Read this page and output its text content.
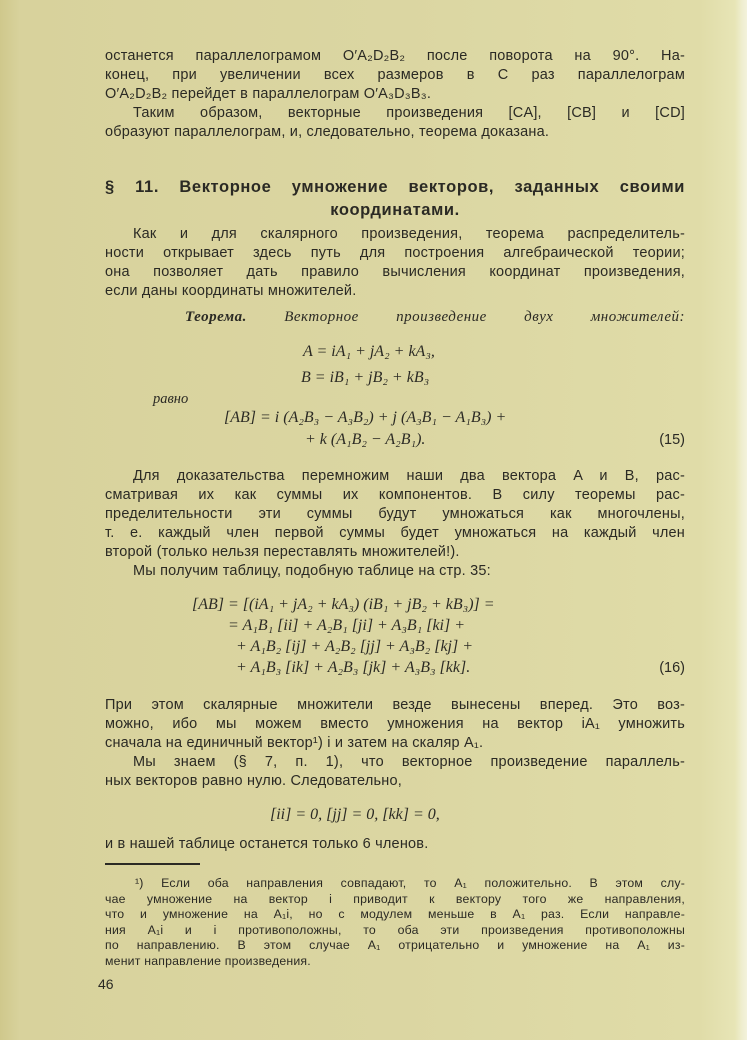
останется параллелограмом O′A₂D₂B₂ после поворота на 90°. На-
конец, при увеличении всех размеров в C раз параллелограм
O′A₂D₂B₂ перейдет в параллелограм O′A₃D₃B₃.
Таким образом, векторные произведения [CA], [CB] и [CD]
образуют параллелограм, и, следовательно, теорема доказана.
§ 11. Векторное умножение векторов, заданных своими
координатами.
Как и для скалярного произведения, теорема распределитель-
ности открывает здесь путь для построения алгебраической теории;
она позволяет дать правило вычисления координат произведения,
если даны координаты множителей.
Теорема. Векторное произведение двух множителей:
A = iA₁ + jA₂ + kA₃,
B = iB₁ + jB₂ + kB₃
равно
[AB] = i (A₂B₃ − A₃B₂) + j (A₃B₁ − A₁B₃) +
+ k (A₁B₂ − A₂B₁).	(15)
Для доказательства перемножим наши два вектора A и B, рас-
сматривая их как суммы их компонентов. В силу теоремы рас-
пределительности эти суммы будут умножаться как многочлены,
т. е. каждый член первой суммы будет умножаться на каждый член
второй (только нельзя переставлять множителей!).
Мы получим таблицу, подобную таблице на стр. 35:
[AB] = [(iA₁ + jA₂ + kA₃) (iB₁ + jB₂ + kB₃)] =
= A₁B₁ [ii] + A₂B₁ [ji] + A₃B₁ [ki] +
+ A₁B₂ [ij] + A₂B₂ [jj] + A₃B₂ [kj] +
+ A₁B₃ [ik] + A₂B₃ [jk] + A₃B₃ [kk].	(16)
При этом скалярные множители везде вынесены вперед. Это воз-
можно, ибо мы можем вместо умножения на вектор iA₁ умножить
сначала на единичный вектор¹) i и затем на скаляр A₁.
Мы знаем (§ 7, п. 1), что векторное произведение параллель-
ных векторов равно нулю. Следовательно,
[ii] = 0, [jj] = 0, [kk] = 0,
и в нашей таблице останется только 6 членов.
¹) Если оба направления совпадают, то A₁ положительно. В этом слу-
чае умножение на вектор i приводит к вектору того же направления,
что и умножение на A₁i, но с модулем меньше в A₁ раз. Если направле-
ния A₁i и i противоположны, то оба эти произведения противоположны
по направлению. В этом случае A₁ отрицательно и умножение на A₁ из-
менит направление произведения.
46
